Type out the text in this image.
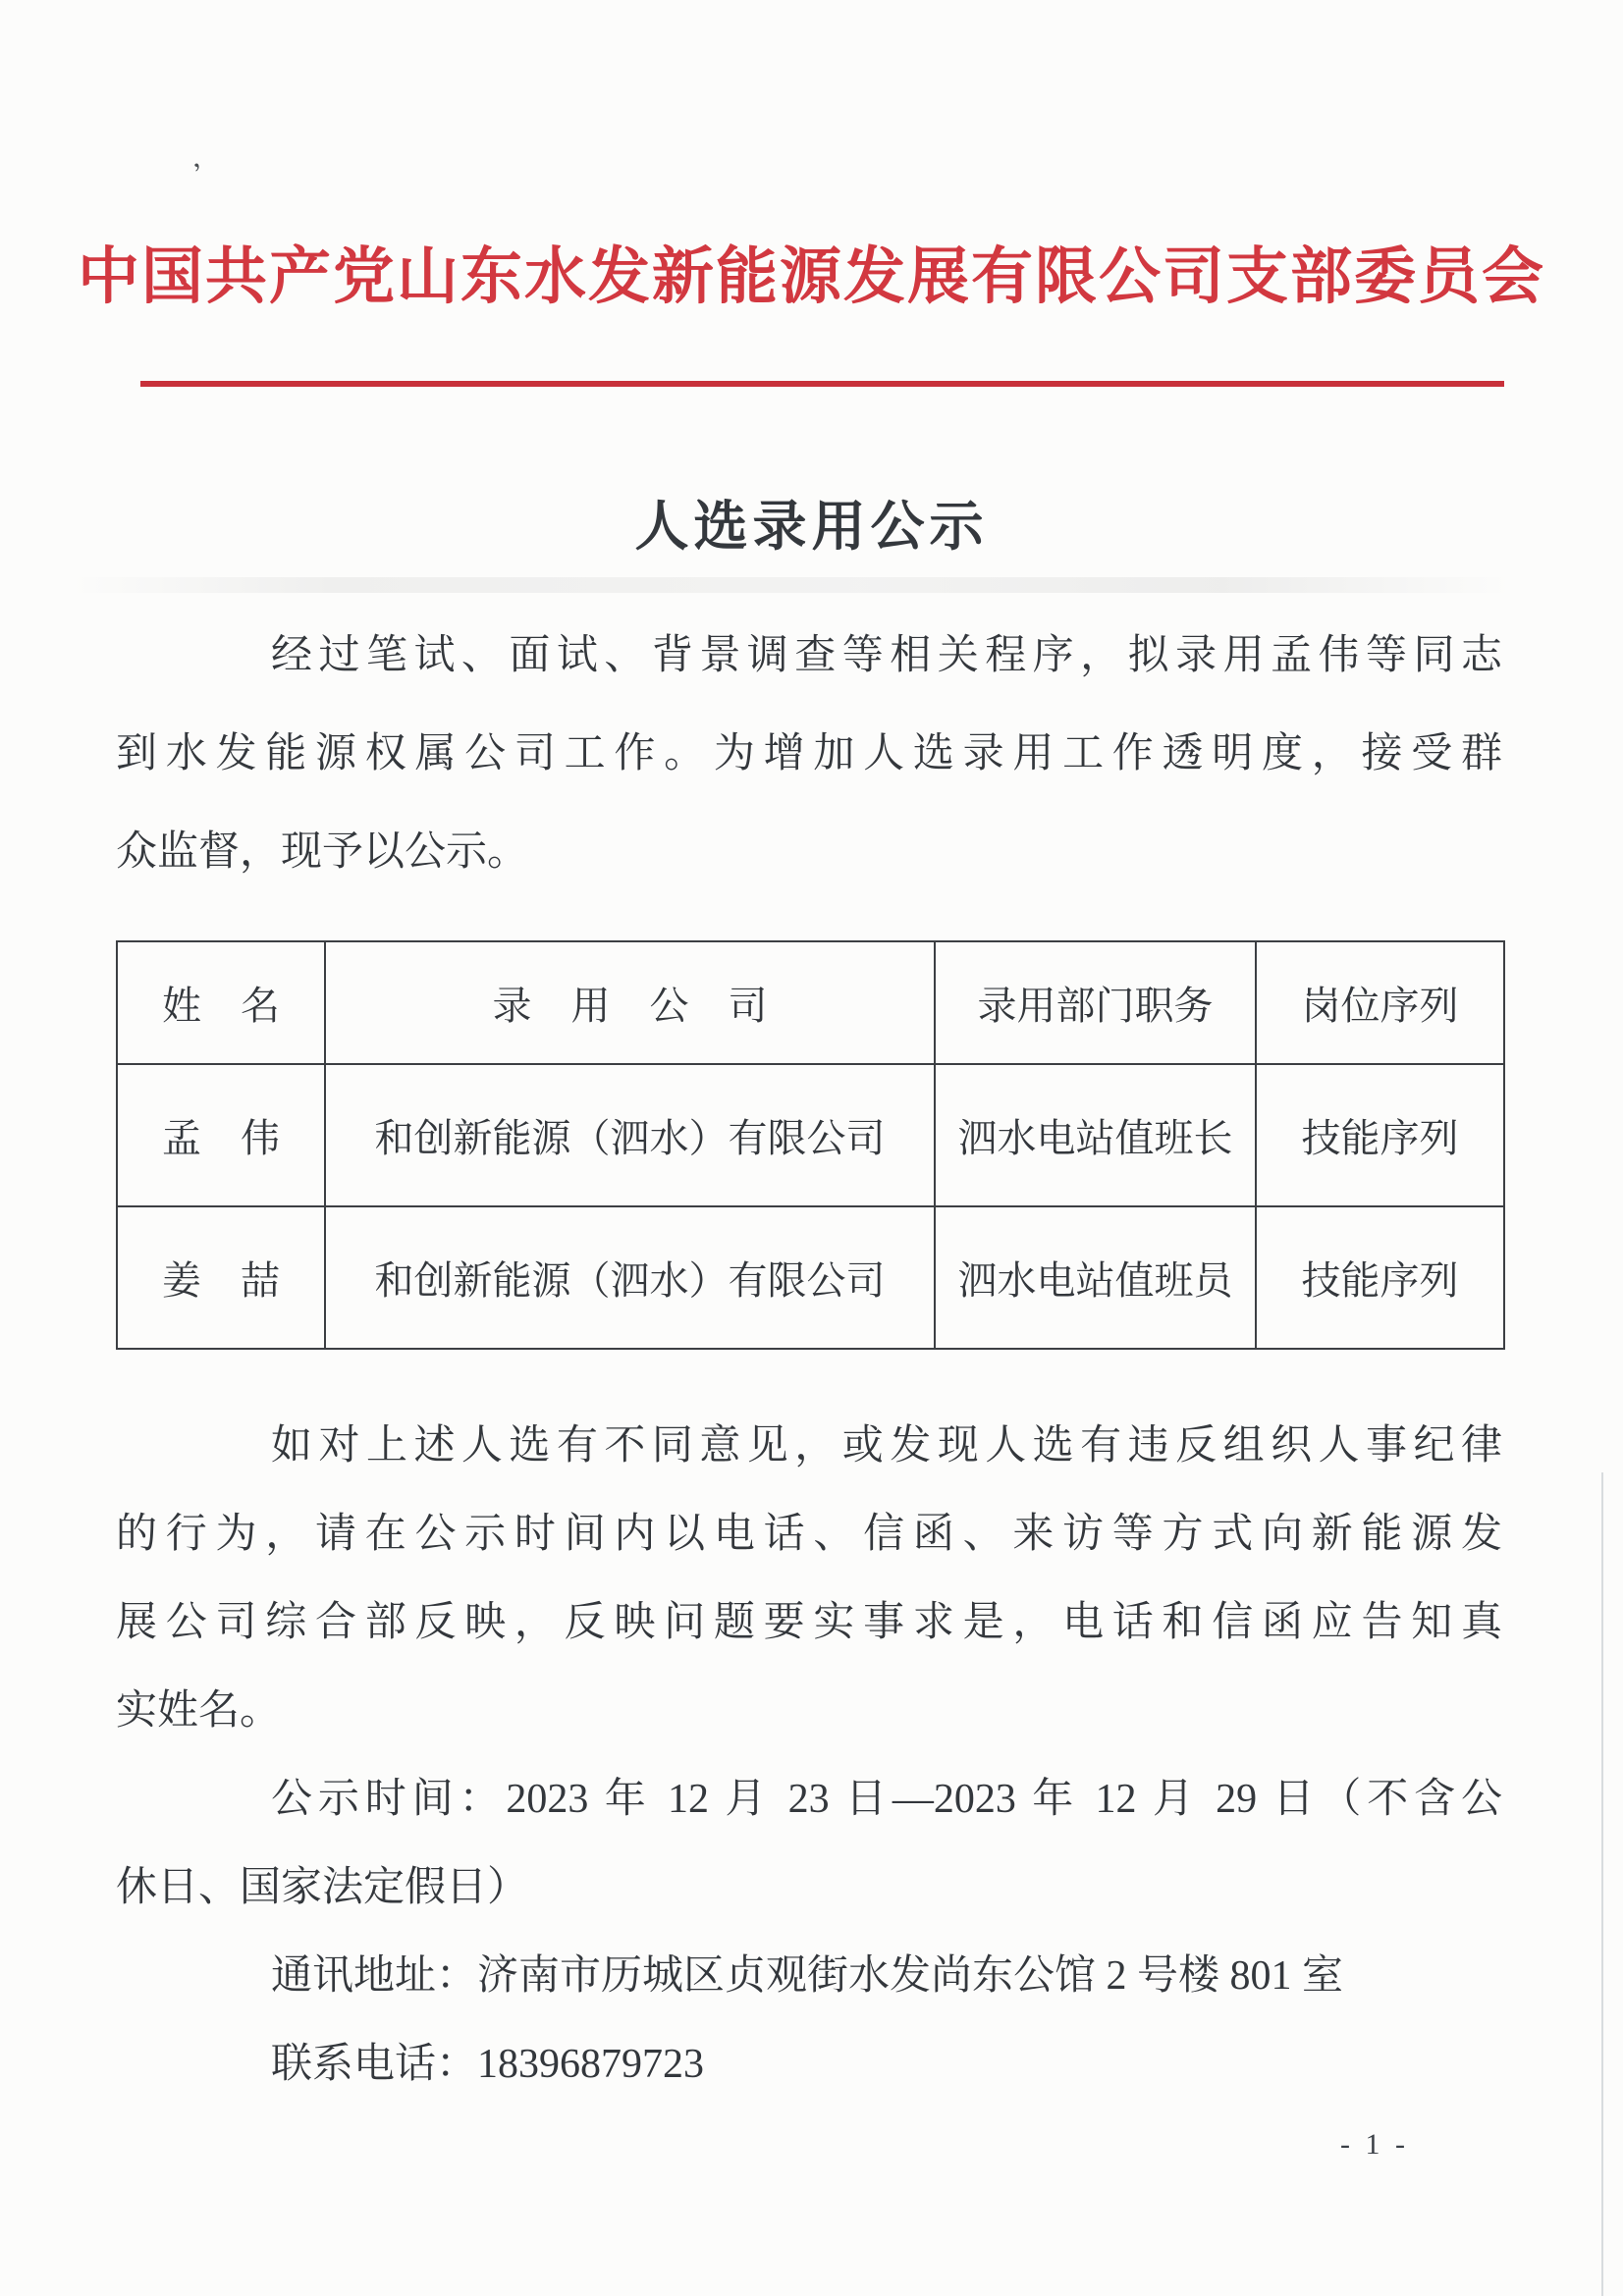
’
中国共产党山东水发新能源发展有限公司支部委员会
人选录用公示
经过笔试、面试、背景调查等相关程序，拟录用孟伟等同志
到水发能源权属公司工作。为增加人选录用工作透明度，接受群
众监督，现予以公示。
姓　名	录　用　公　司	录用部门职务	岗位序列
孟　伟	和创新能源（泗水）有限公司	泗水电站值班长	技能序列
姜　喆	和创新能源（泗水）有限公司	泗水电站值班员	技能序列
如对上述人选有不同意见，或发现人选有违反组织人事纪律
的行为，请在公示时间内以电话、信函、来访等方式向新能源发
展公司综合部反映，反映问题要实事求是，电话和信函应告知真
实姓名。
公示时间：2023 年 12 月 23 日—2023 年 12 月 29 日（不含公
休日、国家法定假日）
通讯地址：济南市历城区贞观街水发尚东公馆 2 号楼 801 室
联系电话：18396879723
- 1 -
